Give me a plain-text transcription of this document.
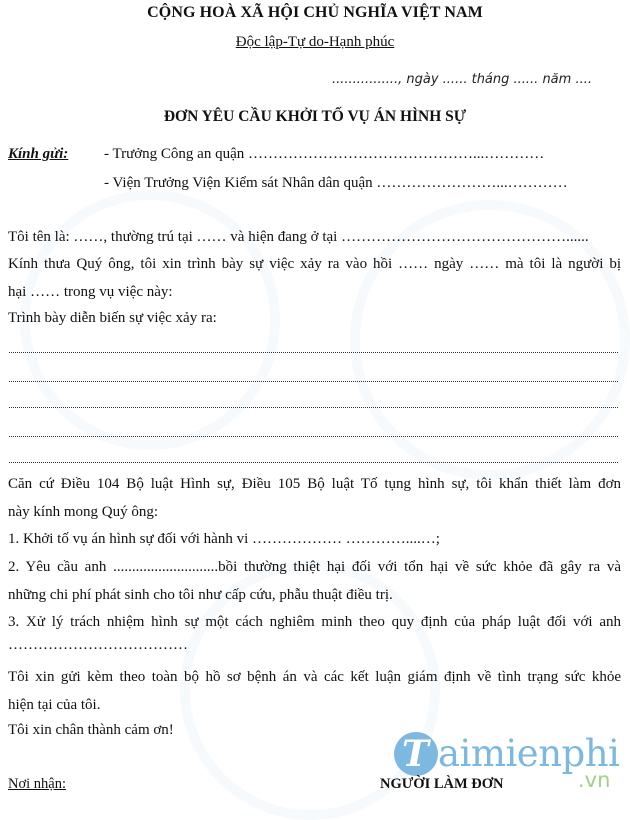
CỘNG HOÀ XÃ HỘI CHỦ NGHĨA VIỆT NAM
Độc lập-Tự do-Hạnh phúc
................, ngày ...... tháng ...... năm ....
ĐƠN YÊU CẦU KHỞI TỐ VỤ ÁN HÌNH SỰ
Kính gửi: - Trưởng Công an quận ………………………………………...…………
- Viện Trưởng Viện Kiểm sát Nhân dân quận ……………………...…………
Tôi tên là: ……, thường trú tại …… và hiện đang ở tại ………………………………………......
Kính thưa Quý ông, tôi xin trình bày sự việc xảy ra vào hồi …… ngày …… mà tôi là người bị
hại …… trong vụ việc này:
Trình bày diễn biến sự việc xảy ra:
Căn cứ Điều 104 Bộ luật Hình sự, Điều 105 Bộ luật Tố tụng hình sự, tôi khẩn thiết làm đơn
này kính mong Quý ông:
1. Khởi tố vụ án hình sự đối với hành vi ……………… …………....…;
2. Yêu cầu anh ............................bồi thường thiệt hại đối với tổn hại về sức khỏe đã gây ra và
những chi phí phát sinh cho tôi như cấp cứu, phẫu thuật điều trị.
3. Xử lý trách nhiệm hình sự một cách nghiêm minh theo quy định của pháp luật đối với anh
………………………………
Tôi xin gửi kèm theo toàn bộ hồ sơ bệnh án và các kết luận giám định về tình trạng sức khỏe
hiện tại của tôi.
Tôi xin chân thành cảm ơn!
T aimienphi
.vn
Nơi nhận:	NGƯỜI LÀM ĐƠN
